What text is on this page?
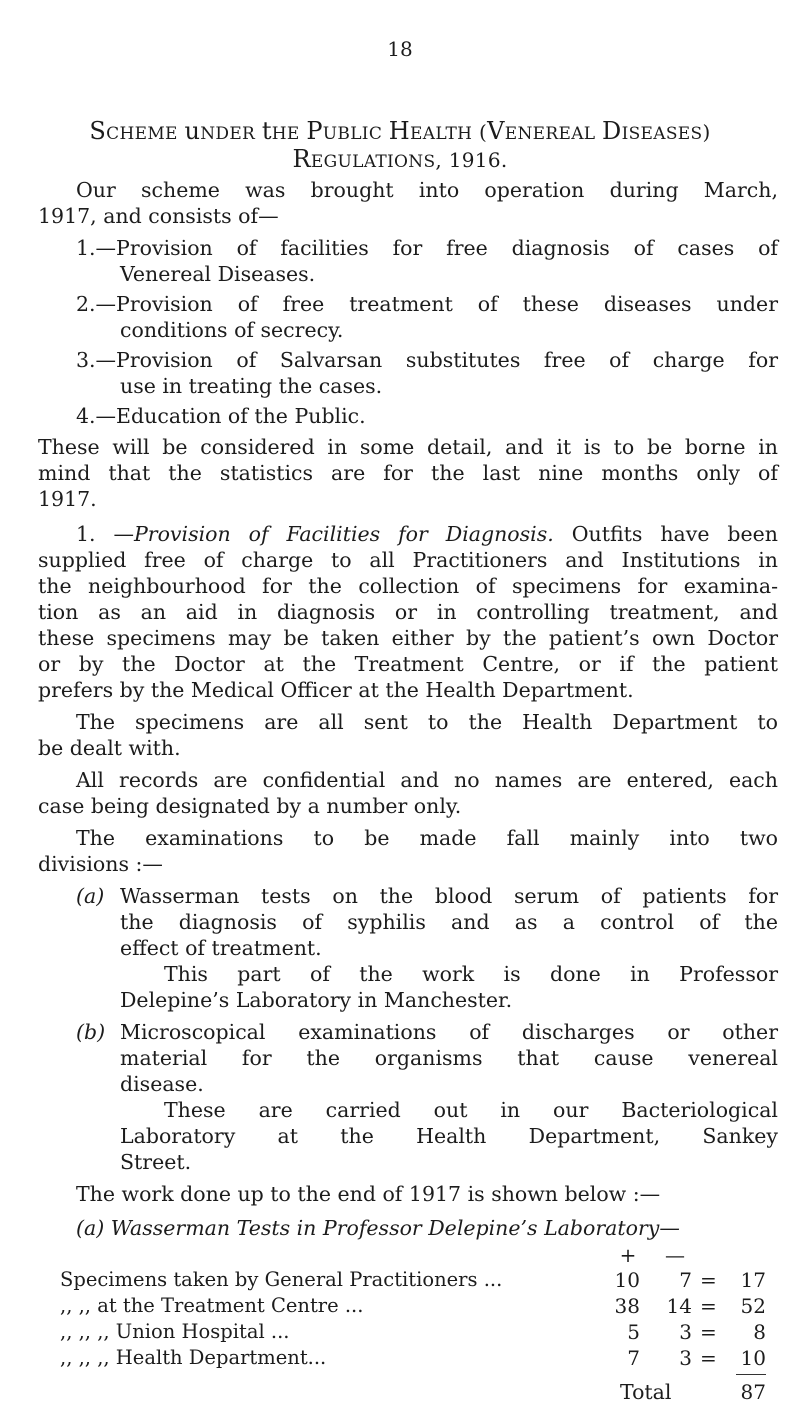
18
SCHEME uNDER tHE PUBLIC HEALTH (VENEREAL DISEASES)
REGULATIONS, 1916.
Our scheme was brought into operation during March,
1917, and consists of—
1.—Provision of facilities for free diagnosis of cases of
Venereal Diseases.
2.—Provision of free treatment of these diseases under
conditions of secrecy.
3.—Provision of Salvarsan substitutes free of charge for
use in treating the cases.
4.—Education of the Public.
These will be considered in some detail, and it is to be borne in
mind that the statistics are for the last nine months only of
1917.
1. —Provision of Facilities for Diagnosis. Outfits have been
supplied free of charge to all Practitioners and Institutions in
the neighbourhood for the collection of specimens for examina-
tion as an aid in diagnosis or in controlling treatment, and
these specimens may be taken either by the patient’s own Doctor
or by the Doctor at the Treatment Centre, or if the patient
prefers by the Medical Officer at the Health Department.
The specimens are all sent to the Health Department to
be dealt with.
All records are confidential and no names are entered, each
case being designated by a number only.
The examinations to be made fall mainly into two
divisions :—
(a) Wasserman tests on the blood serum of patients for
the diagnosis of syphilis and as a control of the
effect of treatment.
This part of the work is done in Professor
Delepine’s Laboratory in Manchester.
(b) Microscopical examinations of discharges or other
material for the organisms that cause venereal
disease.
These are carried out in our Bacteriological
Laboratory at the Health Department, Sankey
Street.
The work done up to the end of 1917 is shown below :—
(a) Wasserman Tests in Professor Delepine’s Laboratory—
+	—
Specimens taken by General Practitioners ...	10	7 =	17
,, ,, at the Treatment Centre ...	38	14 =	52
,, ,, ,, Union Hospital ...	5	3 =	8
,, ,, ,, Health Department...	7	3 =	10
Total	87
